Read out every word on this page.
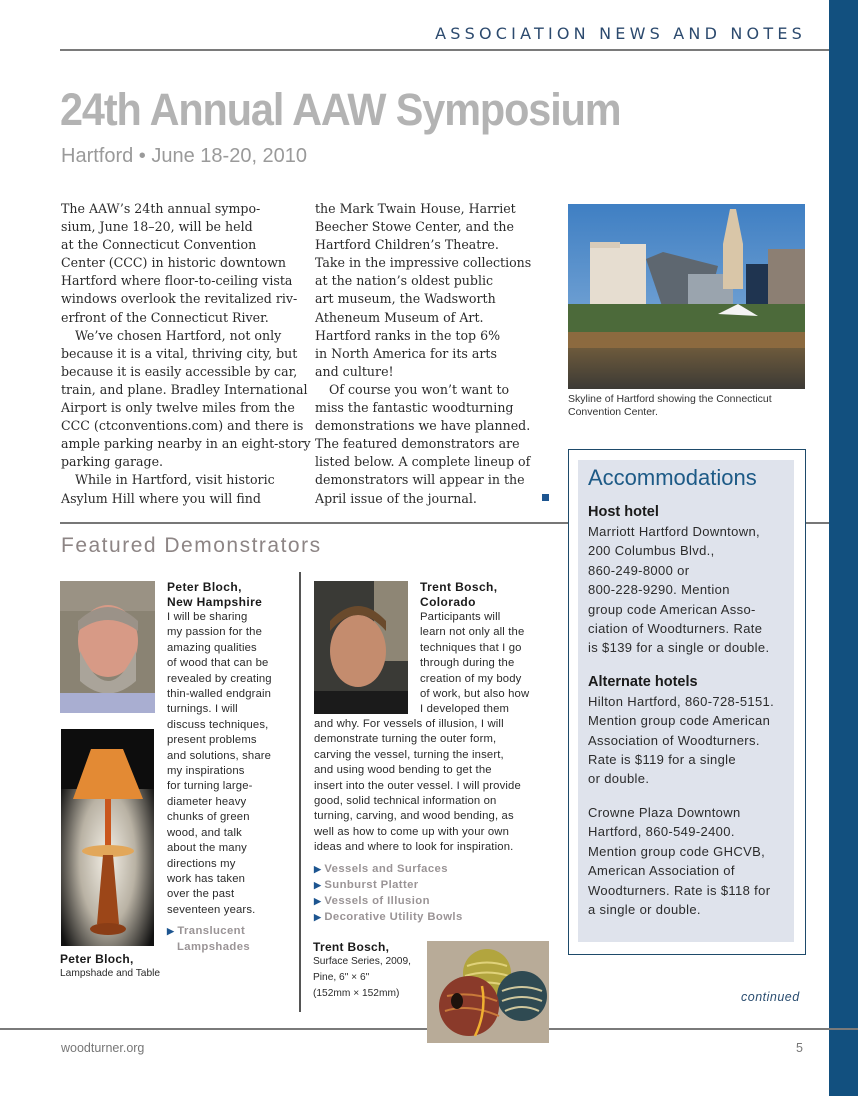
ASSOCIATION NEWS AND NOTES
24th Annual AAW Symposium
Hartford • June 18-20, 2010

The AAW’s 24th annual sympo-
sium, June 18–20, will be held
at the Connecticut Convention
Center (CCC) in historic downtown
Hartford where floor-to-ceiling vista
windows overlook the revitalized riv-
erfront of the Connecticut River.

We’ve chosen Hartford, not only
because it is a vital, thriving city, but
because it is easily accessible by car,
train, and plane. Bradley International
Airport is only twelve miles from the
CCC (ctconventions.com) and there is
ample parking nearby in an eight-story
parking garage.

While in Hartford, visit historic
Asylum Hill where you will find

the Mark Twain House, Harriet
Beecher Stowe Center, and the
Hartford Children’s Theatre.
Take in the impressive collections
at the nation’s oldest public
art museum, the Wadsworth
Atheneum Museum of Art.
Hartford ranks in the top 6%
in North America for its arts
and culture!

Of course you won’t want to
miss the fantastic woodturning
demonstrations we have planned.
The featured demonstrators are
listed below. A complete lineup of
demonstrators will appear in the
April issue of the journal.

Skyline of Hartford showing the Connecticut
Convention Center.
Accommodations
Host hotel
Marriott Hartford Downtown,
200 Columbus Blvd.,
860-249-8000 or
800-228-9290. Mention
group code American Asso-
ciation of Woodturners. Rate
is $139 for a single or double.
Alternate hotels
Hilton Hartford, 860-728-5151.
Mention group code American
Association of Woodturners.
Rate is $119 for a single
or double.
Crowne Plaza Downtown
Hartford, 860-549-2400.
Mention group code GHCVB,
American Association of
Woodturners. Rate is $118 for
a single or double.
Featured Demonstrators
Peter Bloch,
New Hampshire
I will be sharing
my passion for the
amazing qualities
of wood that can be
revealed by creating
thin-walled endgrain
turnings. I will
discuss techniques,
present problems
and solutions, share
my inspirations
for turning large-
diameter heavy
chunks of green
wood, and talk
about the many
directions my
work has taken
over the past
seventeen years.
▶ Translucent
Lampshades
Peter Bloch,
Lampshade and Table
Trent Bosch,
Colorado
Participants will
learn not only all the
techniques that I go
through during the
creation of my body
of work, but also how
I developed them
and why. For vessels of illusion, I will
demonstrate turning the outer form,
carving the vessel, turning the insert,
and using wood bending to get the
insert into the outer vessel. I will provide
good, solid technical information on
turning, carving, and wood bending, as
well as how to come up with your own
ideas and where to look for inspiration.
▶ Vessels and Surfaces
▶ Sunburst Platter
▶ Vessels of Illusion
▶ Decorative Utility Bowls
Trent Bosch,
Surface Series, 2009,
Pine, 6" × 6"
(152mm × 152mm)	continued
woodturner.org	5
